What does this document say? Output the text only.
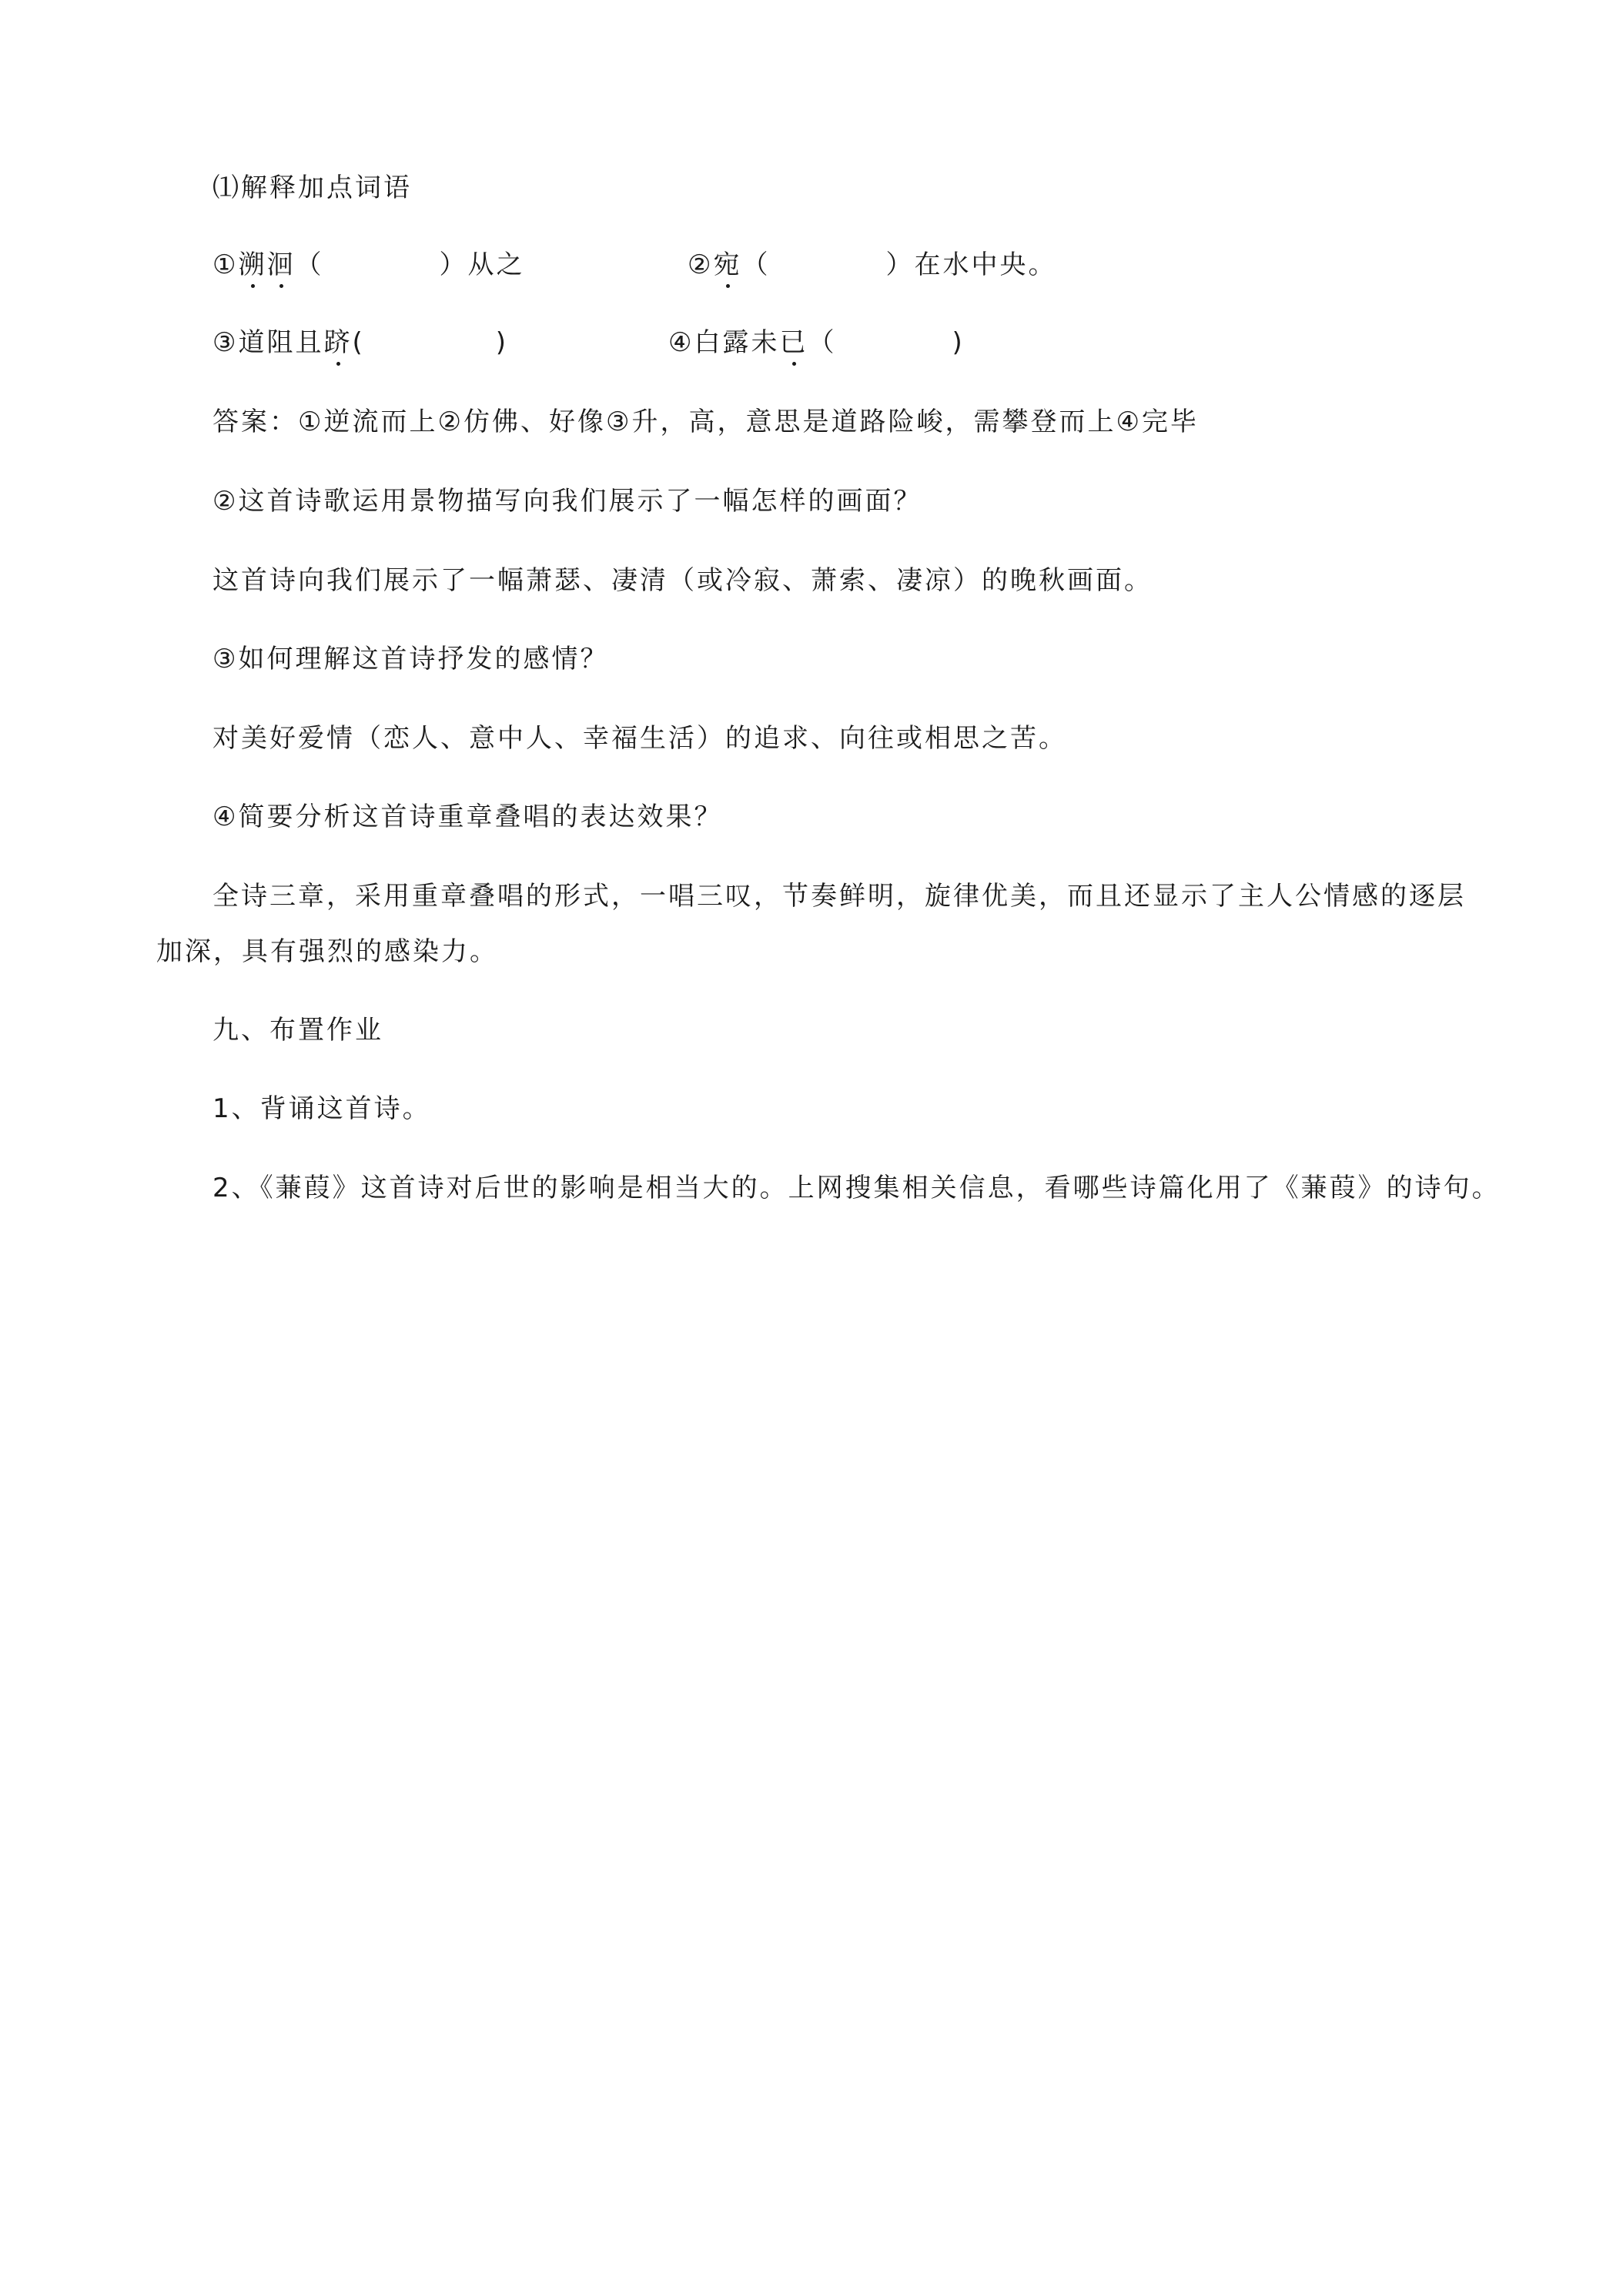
⑴解释加点词语
①溯洄（	）从之	②宛（	）在水中央。
③道阻且跻(	)	④白露未已（	)
答案：①逆流而上②仿佛、好像③升，高，意思是道路险峻，需攀登而上④完毕
②这首诗歌运用景物描写向我们展示了一幅怎样的画面？
这首诗向我们展示了一幅萧瑟、凄清（或冷寂、萧索、凄凉）的晚秋画面。
③如何理解这首诗抒发的感情？
对美好爱情（恋人、意中人、幸福生活）的追求、向往或相思之苦。
④简要分析这首诗重章叠唱的表达效果？
全诗三章，采用重章叠唱的形式，一唱三叹，节奏鲜明，旋律优美，而且还显示了主人公情感的逐层
加深，具有强烈的感染力。
九、布置作业
1、背诵这首诗。
2、《蒹葭》这首诗对后世的影响是相当大的。上网搜集相关信息，看哪些诗篇化用了《蒹葭》的诗句。
